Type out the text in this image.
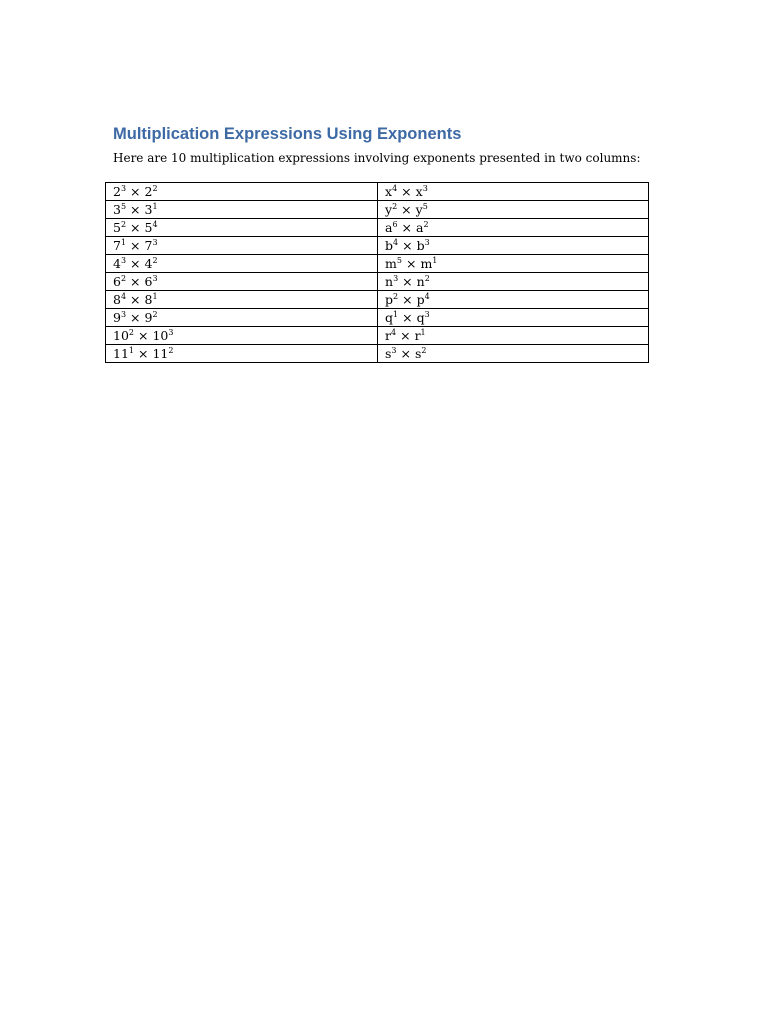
Multiplication Expressions Using Exponents

Here are 10 multiplication expressions involving exponents presented in two columns:

$2^3 \times 2^2$	$x^4 \times x^3$
$3^5 \times 3^1$	$y^2 \times y^5$
$5^2 \times 5^4$	$a^6 \times a^2$
$7^1 \times 7^3$	$b^4 \times b^3$
$4^3 \times 4^2$	$m^5 \times m^1$
$6^2 \times 6^3$	$n^3 \times n^2$
$8^4 \times 8^1$	$p^2 \times p^4$
$9^3 \times 9^2$	$q^1 \times q^3$
$10^2 \times 10^3$	$r^4 \times r^1$
$11^1 \times 11^2$	$s^3 \times s^2$
